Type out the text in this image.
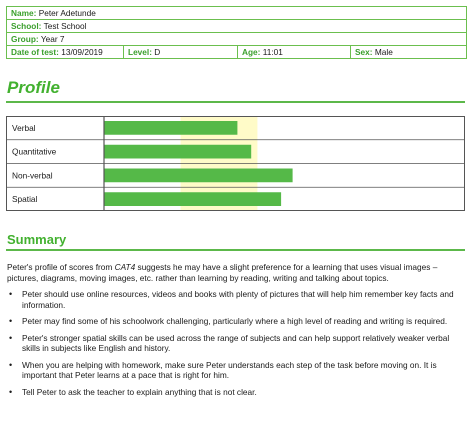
Name: Peter Adetunde
School: Test School
Group: Year 7
Date of test: 13/09/2019	Level: D	Age: 11:01	Sex: Male
Profile
Verbal
Quantitative
Non-verbal
Spatial
Summary

Peter's profile of scores from CAT4 suggests he may have a slight preference for a learning that uses visual images – pictures, diagrams, moving images, etc. rather than learning by reading, writing and talking about topics.

• Peter should use online resources, videos and books with plenty of pictures that will help him remember key facts and information.
• Peter may find some of his schoolwork challenging, particularly where a high level of reading and writing is required.
• Peter's stronger spatial skills can be used across the range of subjects and can help support relatively weaker verbal skills in subjects like English and history.
• When you are helping with homework, make sure Peter understands each step of the task before moving on. It is important that Peter learns at a pace that is right for him.
• Tell Peter to ask the teacher to explain anything that is not clear.
